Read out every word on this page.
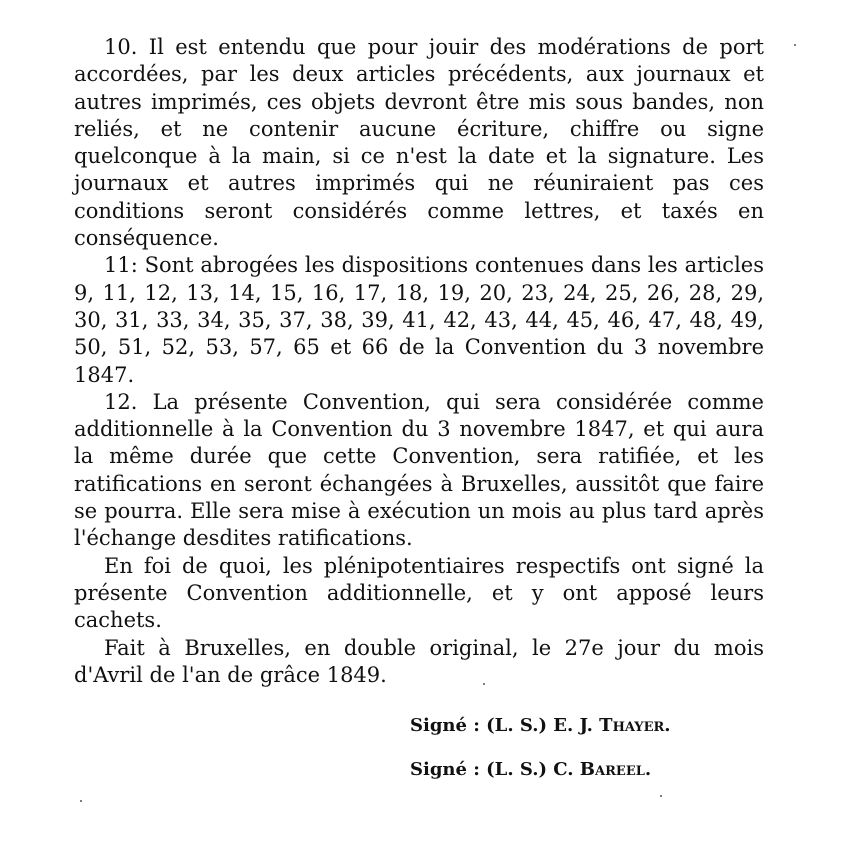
10. Il est entendu que pour jouir des modérations de port accordées, par les deux articles précédents, aux journaux et autres imprimés, ces objets devront être mis sous bandes, non reliés, et ne contenir aucune écriture, chiffre ou signe quelconque à la main, si ce n'est la date et la signature. Les journaux et autres imprimés qui ne réuniraient pas ces conditions seront considérés comme lettres, et taxés en conséquence.

11: Sont abrogées les dispositions contenues dans les articles 9, 11, 12, 13, 14, 15, 16, 17, 18, 19, 20, 23, 24, 25, 26, 28, 29, 30, 31, 33, 34, 35, 37, 38, 39, 41, 42, 43, 44, 45, 46, 47, 48, 49, 50, 51, 52, 53, 57, 65 et 66 de la Convention du 3 novembre 1847.

12. La présente Convention, qui sera considérée comme additionnelle à la Convention du 3 novembre 1847, et qui aura la même durée que cette Convention, sera ratifiée, et les ratifications en seront échangées à Bruxelles, aussitôt que faire se pourra. Elle sera mise à exécution un mois au plus tard après l'échange desdites ratifications.

En foi de quoi, les plénipotentiaires respectifs ont signé la présente Convention additionnelle, et y ont apposé leurs cachets.

Fait à Bruxelles, en double original, le 27e jour du mois d'Avril de l'an de grâce 1849.

Signé : (L. S.) E. J. Thayer.
Signé : (L. S.) C. Bareel.
